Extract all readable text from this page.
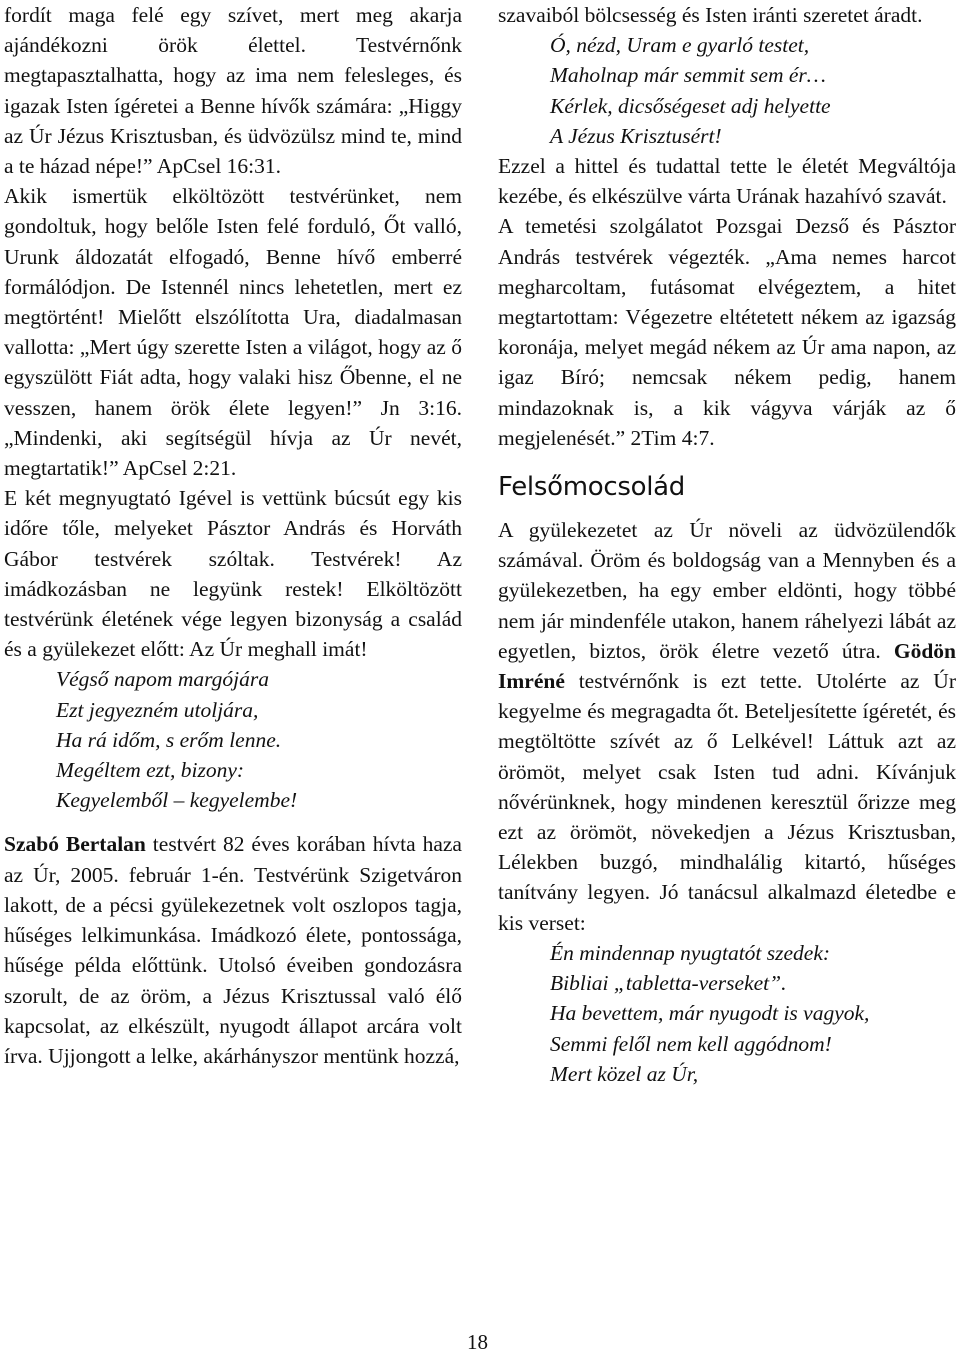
fordít maga felé egy szívet, mert meg akarja ajándékozni örök élettel. Testvérnőnk megtapasztalhatta, hogy az ima nem felesleges, és igazak Isten ígéretei a Benne hívők számára: „Higgy az Úr Jézus Krisztusban, és üdvözülsz mind te, mind a te házad népe!” ApCsel 16:31.

Akik ismertük elköltözött testvérünket, nem gondoltuk, hogy belőle Isten felé forduló, Őt valló, Urunk áldozatát elfogadó, Benne hívő emberré formálódjon. De Istennél nincs lehetetlen, mert ez megtörtént! Mielőtt elszólította Ura, diadalmasan vallotta: „Mert úgy szerette Isten a világot, hogy az ő egyszülött Fiát adta, hogy valaki hisz Őbenne, el ne vesszen, hanem örök élete legyen!” Jn 3:16. „Mindenki, aki segítségül hívja az Úr nevét, megtartatik!” ApCsel 2:21.

E két megnyugtató Igével is vettünk búcsút egy kis időre tőle, melyeket Pásztor András és Horváth Gábor testvérek szóltak. Testvérek! Az imádkozásban ne legyünk restek! Elköltözött testvérünk életének vége legyen bizonyság a család és a gyülekezet előtt: Az Úr meghall imát!

Végső napom margójára
Ezt jegyezném utoljára,
Ha rá időm, s erőm lenne.
Megéltem ezt, bizony:
Kegyelemből – kegyelembe!

Szabó Bertalan testvért 82 éves korában hívta haza az Úr, 2005. február 1-én. Testvérünk Szigetváron lakott, de a pécsi gyülekezetnek volt oszlopos tagja, hűséges lelkimunkása. Imádkozó élete, pontossága, hűsége példa előttünk. Utolsó éveiben gondozásra szorult, de az öröm, a Jézus Krisztussal való élő kapcsolat, az elkészült, nyugodt állapot arcára volt írva. Ujjongott a lelke, akárhányszor mentünk hozzá,

szavaiból bölcsesség és Isten iránti szeretet áradt.

Ó, nézd, Uram e gyarló testet,
Maholnap már semmit sem ér…
Kérlek, dicsőségeset adj helyette
A Jézus Krisztusért!

Ezzel a hittel és tudattal tette le életét Megváltója kezébe, és elkészülve várta Urának hazahívó szavát.

A temetési szolgálatot Pozsgai Dezső és Pásztor András testvérek végezték. „Ama nemes harcot megharcoltam, futásomat elvégeztem, a hitet megtartottam: Végezetre eltétetett nékem az igazság koronája, melyet megád nékem az Úr ama napon, az igaz Bíró; nemcsak nékem pedig, hanem mindazoknak is, a kik vágyva várják az ő megjelenését.” 2Tim 4:7.

Felsőmocsolád

A gyülekezetet az Úr növeli az üdvözülendők számával. Öröm és boldogság van a Mennyben és a gyülekezetben, ha egy ember eldönti, hogy többé nem jár mindenféle utakon, hanem ráhelyezi lábát az egyetlen, biztos, örök életre vezető útra. Gödön Imréné testvérnőnk is ezt tette. Utolérte az Úr kegyelme és megragadta őt. Beteljesítette ígéretét, és megtöltötte szívét az ő Lelkével! Láttuk azt az örömöt, melyet csak Isten tud adni. Kívánjuk nővérünknek, hogy mindenen keresztül őrizze meg ezt az örömöt, növekedjen a Jézus Krisztusban, Lélekben buzgó, mindhalálig kitartó, hűséges tanítvány legyen. Jó tanácsul alkalmazd életedbe e kis verset:

Én mindennap nyugtatót szedek:
Bibliai „tabletta-verseket”.
Ha bevettem, már nyugodt is vagyok,
Semmi felől nem kell aggódnom!
Mert közel az Úr,
18
